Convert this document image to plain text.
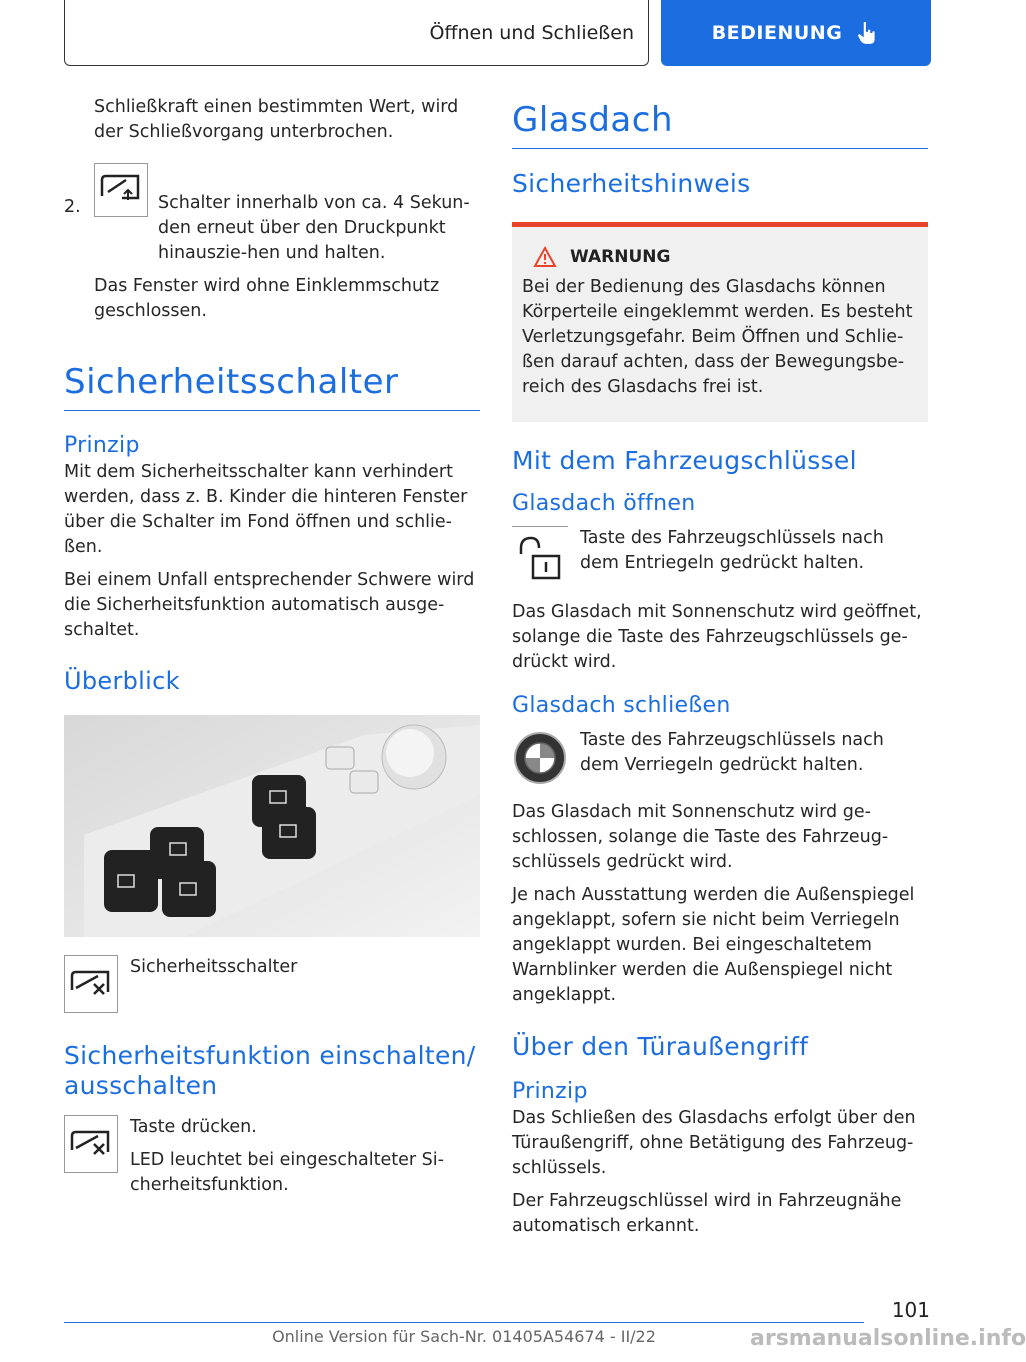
Öffnen und Schließen	BEDIENUNG

Schließkraft einen bestimmten Wert, wird der Schließvorgang unterbrochen.

2.	Schalter innerhalb von ca. 4 Sekun‐den erneut über den Druckpunkt hinauszie‐hen und halten.

Das Fenster wird ohne Einklemmschutz geschlossen.

Sicherheitsschalter
Prinzip

Mit dem Sicherheitsschalter kann verhindert werden, dass z. B. Kinder die hinteren Fenster über die Schalter im Fond öffnen und schlie‐ßen.

Bei einem Unfall entsprechender Schwere wird die Sicherheitsfunktion automatisch ausge‐schaltet.

Überblick

Sicherheitsschalter

Sicherheitsfunktion einschalten/ ausschalten

Taste drücken.

LED leuchtet bei eingeschalteter Si‐cherheitsfunktion.

Glasdach
Sicherheitshinweis
WARNUNG

Bei der Bedienung des Glasdachs können Körperteile eingeklemmt werden. Es besteht Verletzungsgefahr. Beim Öffnen und Schlie‐ßen darauf achten, dass der Bewegungsbe‐reich des Glasdachs frei ist.

Mit dem Fahrzeugschlüssel
Glasdach öffnen

Taste des Fahrzeugschlüssels nach dem Entriegeln gedrückt halten.

Das Glasdach mit Sonnenschutz wird geöffnet, solange die Taste des Fahrzeugschlüssels ge‐drückt wird.

Glasdach schließen

Taste des Fahrzeugschlüssels nach dem Verriegeln gedrückt halten.

Das Glasdach mit Sonnenschutz wird ge‐schlossen, solange die Taste des Fahrzeug‐schlüssels gedrückt wird.

Je nach Ausstattung werden die Außenspiegel angeklappt, sofern sie nicht beim Verriegeln angeklappt wurden. Bei eingeschaltetem Warnblinker werden die Außenspiegel nicht angeklappt.

Über den Türaußengriff
Prinzip

Das Schließen des Glasdachs erfolgt über den Türaußengriff, ohne Betätigung des Fahrzeug‐schlüssels.

Der Fahrzeugschlüssel wird in Fahrzeugnähe automatisch erkannt.

101
Online Version für Sach-Nr. 01405A54674 - II/22	arsmanualsonline.info
